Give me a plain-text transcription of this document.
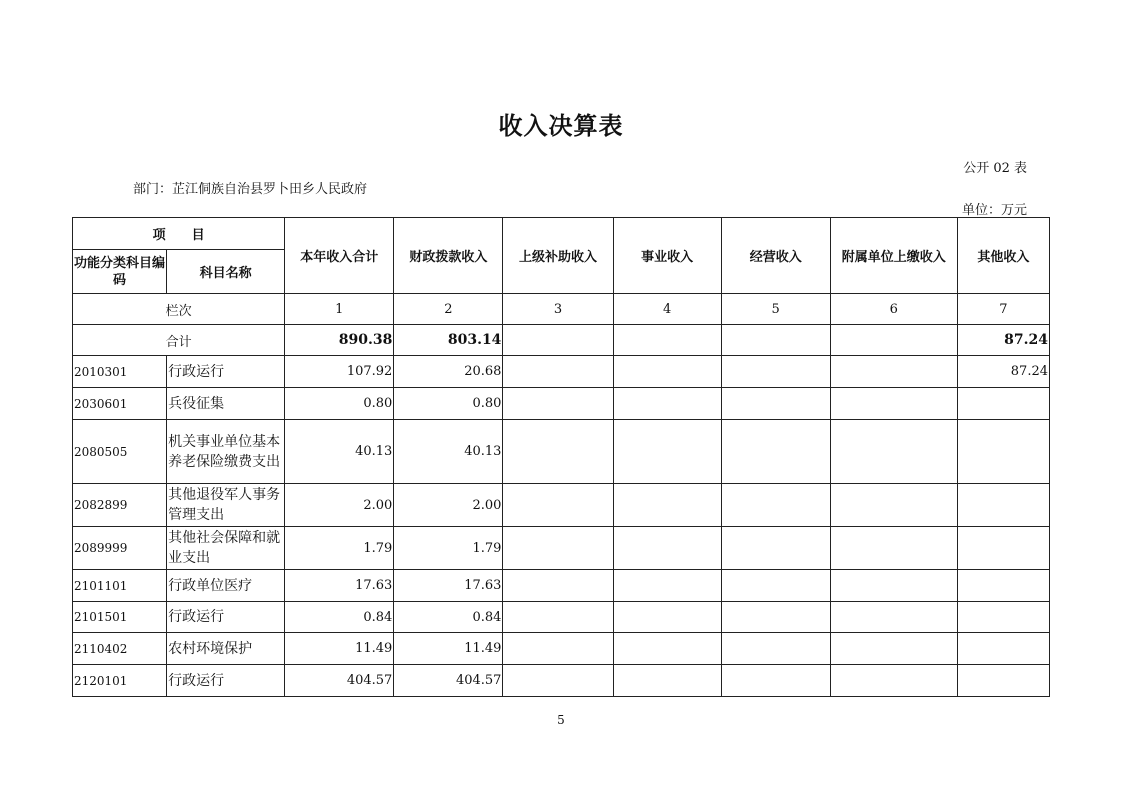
收入决算表
公开 02 表
部门：芷江侗族自治县罗卜田乡人民政府
单位：万元
项　　目		本年收入合计	财政拨款收入	上级补助收入	事业收入	经营收入	附属单位上缴收入	其他收入
功能分类科目编码	科目名称							
栏次		1	2	3	4	5	6	7
合计		890.38	803.14					87.24
2010301	行政运行	107.92	20.68					87.24
2030601	兵役征集	0.80	0.80					
2080505	机关事业单位基本养老保险缴费支出	40.13	40.13					
2082899	其他退役军人事务管理支出	2.00	2.00					
2089999	其他社会保障和就业支出	1.79	1.79					
2101101	行政单位医疗	17.63	17.63					
2101501	行政运行	0.84	0.84					
2110402	农村环境保护	11.49	11.49					
2120101	行政运行	404.57	404.57					
5
